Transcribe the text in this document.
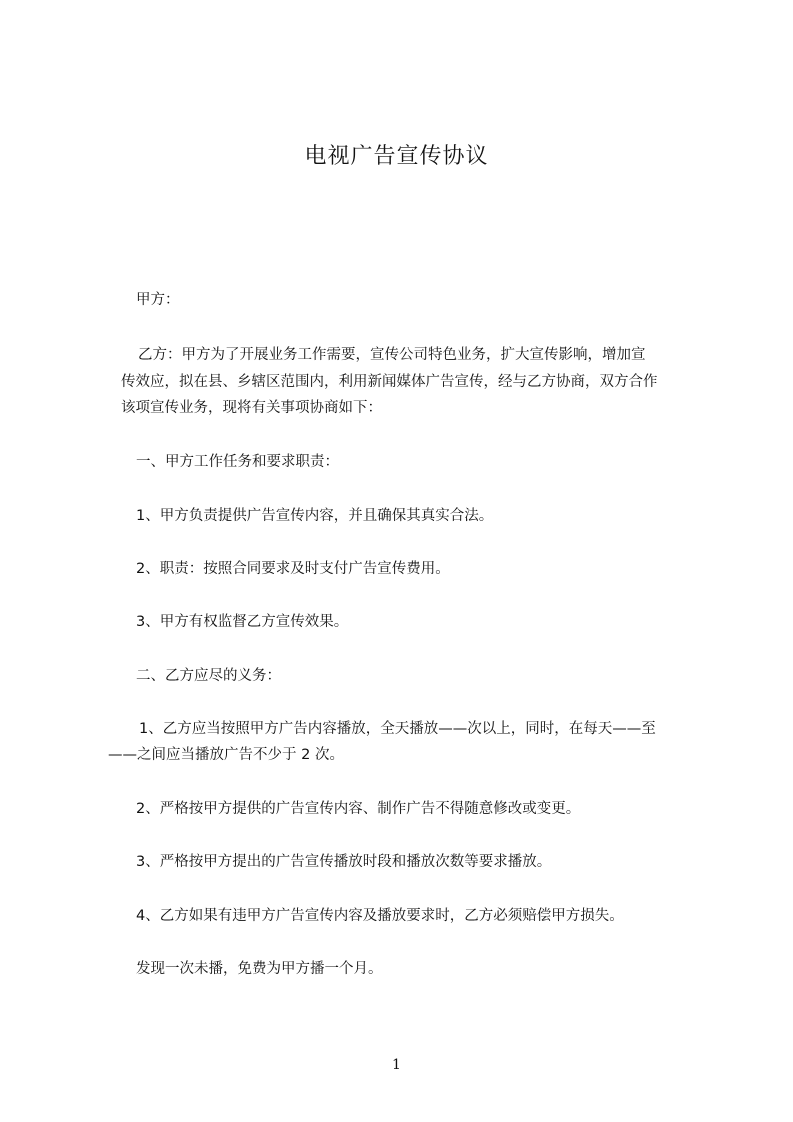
电视广告宣传协议

甲方：

乙方：甲方为了开展业务工作需要，宣传公司特色业务，扩大宣传影响，增加宣

传效应，拟在县、乡辖区范围内，利用新闻媒体广告宣传，经与乙方协商，双方合作

该项宣传业务，现将有关事项协商如下：

一、甲方工作任务和要求职责：

1、甲方负责提供广告宣传内容，并且确保其真实合法。

2、职责：按照合同要求及时支付广告宣传费用。

3、甲方有权监督乙方宣传效果。

二、乙方应尽的义务：

1、乙方应当按照甲方广告内容播放，全天播放——次以上，同时，在每天——至

——之间应当播放广告不少于 2 次。

2、严格按甲方提供的广告宣传内容、制作广告不得随意修改或变更。

3、严格按甲方提出的广告宣传播放时段和播放次数等要求播放。

4、乙方如果有违甲方广告宣传内容及播放要求时，乙方必须赔偿甲方损失。

发现一次未播，免费为甲方播一个月。

1
